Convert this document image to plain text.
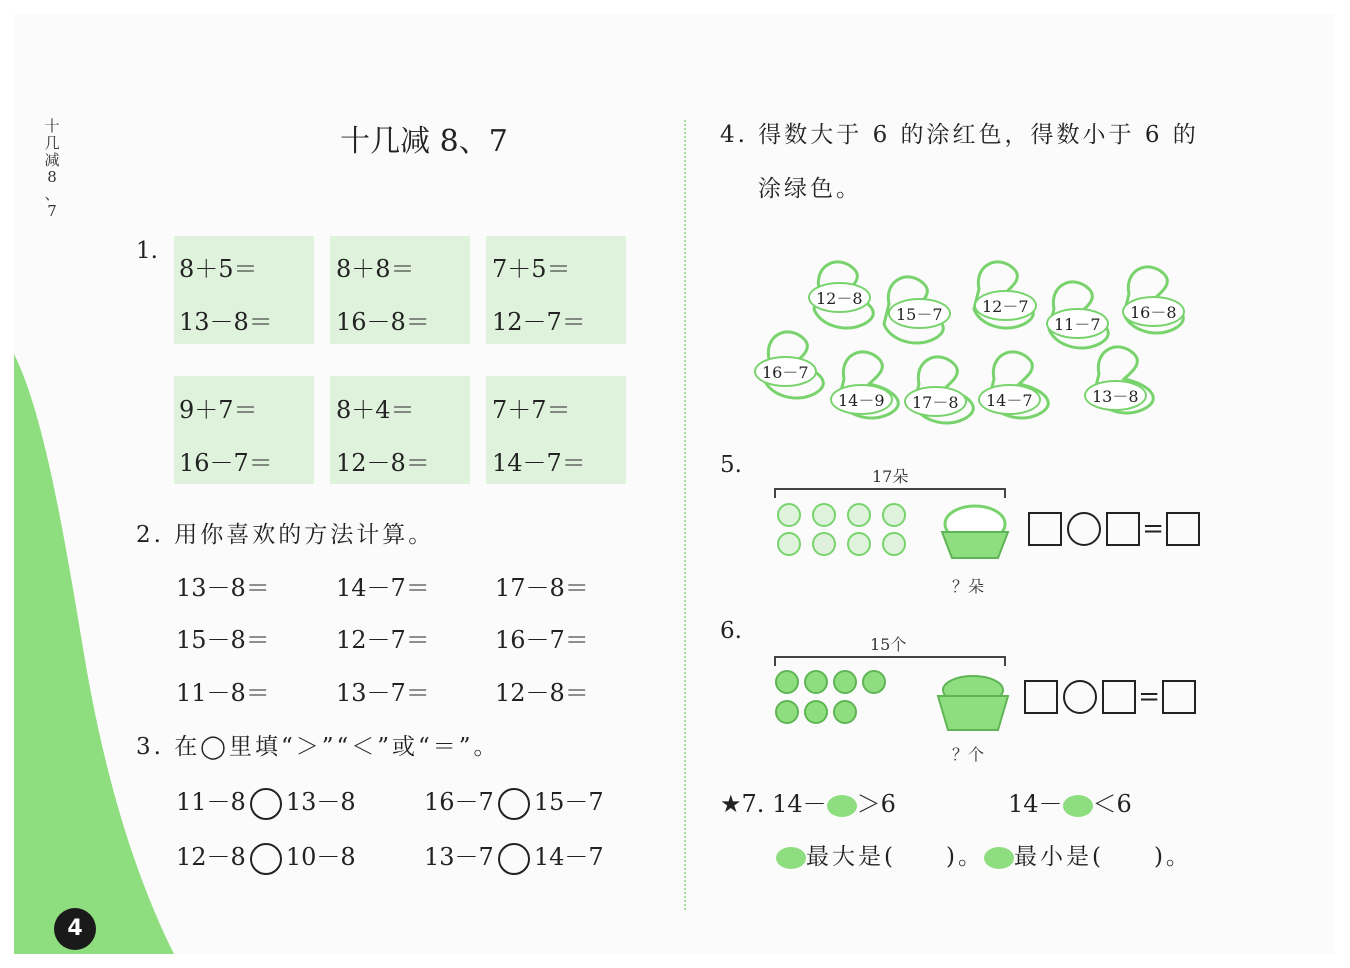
十
几
减
8
、
7
十几减 8、7
1.
8＋5＝
13－8＝
8＋8＝
16－8＝
7＋5＝
12－7＝
9＋7＝
16－7＝
8＋4＝
12－8＝
7＋7＝
14－7＝
2. 用你喜欢的方法计算。
13－8＝	14－7＝	17－8＝
15－8＝	12－7＝	16－7＝
11－8＝	13－7＝	12－8＝
3. 在◯里填“＞”“＜”或“＝”。
11－8 13－8	16－7 15－7
12－8 10－8	13－7 14－7
4. 得数大于 6 的涂红色，得数小于 6 的
涂绿色。
12－8
15－7	12－7
11－7
16－8
16－7
14－9	17－8	14－7	13－8
5.	17朵
？朵
=
6.
15个
？个
=
★7. 14－ ＞6	14－ ＜6
最大是( )。 最小是( )。
4
